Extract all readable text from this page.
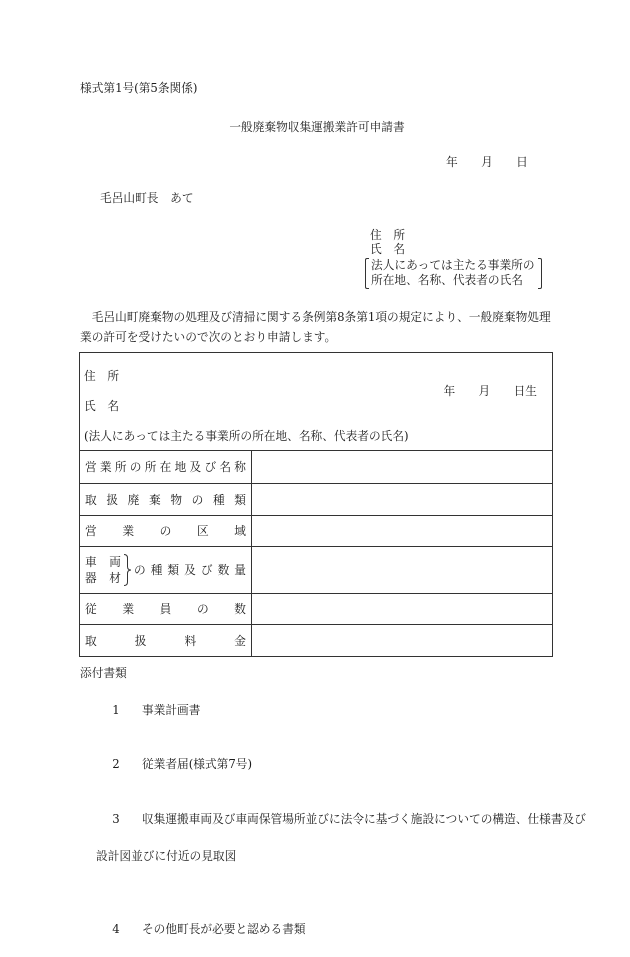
様式第1号(第5条関係)
一般廃棄物収集運搬業許可申請書
年　　月　　日
毛呂山町長　あて
住　所
氏　名
法人にあっては主たる事業所の
所在地、名称、代表者の氏名
　毛呂山町廃棄物の処理及び清掃に関する条例第8条第1項の規定により、一般廃棄物処理
業の許可を受けたいので次のとおり申請します。
住　所
氏　名
年　　月　　日生
(法人にあっては主たる事業所の所在地、名称、代表者の氏名)
営業所の所在地及び名称
取扱廃棄物の種類
営業の区域
車両
器材
の種類及び数量
従業員の数
取扱料金
添付書類

1　事業計画書

2　従業者届(様式第7号)

3　収集運搬車両及び車両保管場所並びに法令に基づく施設についての構造、仕様書及び

設計図並びに付近の見取図

4　その他町長が必要と認める書類
